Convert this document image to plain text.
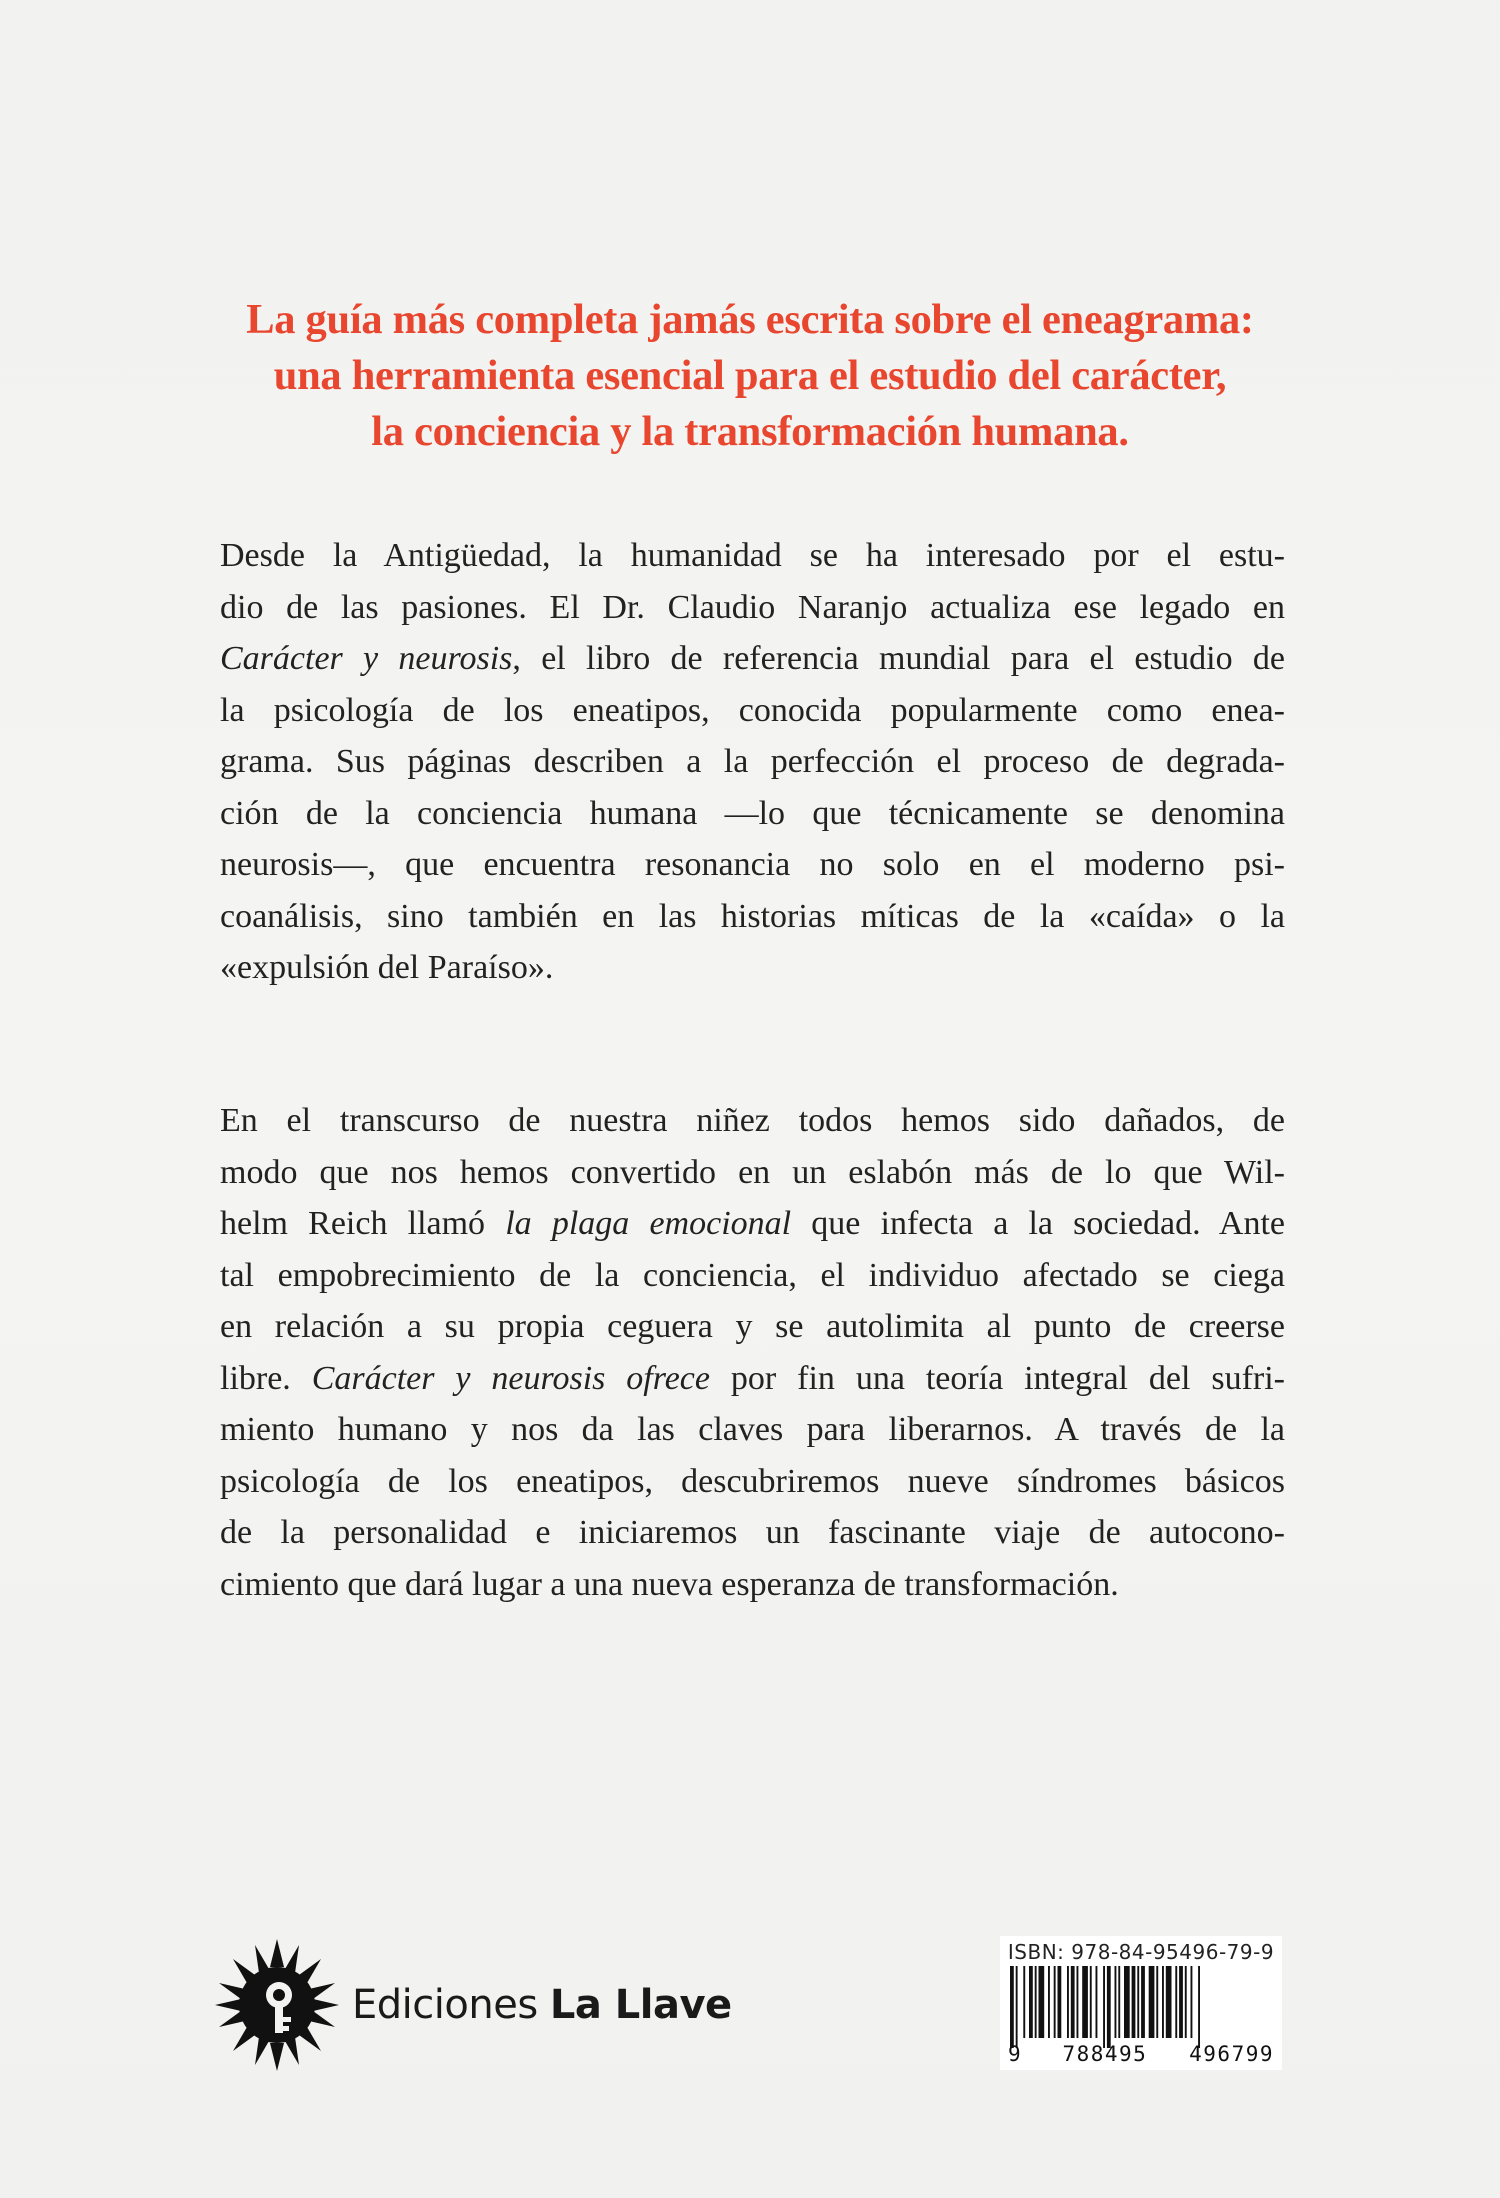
La guía más completa jamás escrita sobre el eneagrama:
una herramienta esencial para el estudio del carácter,
la conciencia y la transformación humana.
Desde la Antigüedad, la humanidad se ha interesado por el estu-
dio de las pasiones. El Dr. Claudio Naranjo actualiza ese legado en
Carácter y neurosis, el libro de referencia mundial para el estudio de
la psicología de los eneatipos, conocida popularmente como enea-
grama. Sus páginas describen a la perfección el proceso de degrada-
ción de la conciencia humana —lo que técnicamente se denomina
neurosis—, que encuentra resonancia no solo en el moderno psi-
coanálisis, sino también en las historias míticas de la «caída» o la
«expulsión del Paraíso».
En el transcurso de nuestra niñez todos hemos sido dañados, de
modo que nos hemos convertido en un eslabón más de lo que Wil-
helm Reich llamó la plaga emocional que infecta a la sociedad. Ante
tal empobrecimiento de la conciencia, el individuo afectado se ciega
en relación a su propia ceguera y se autolimita al punto de creerse
libre. Carácter y neurosis ofrece por fin una teoría integral del sufri-
miento humano y nos da las claves para liberarnos. A través de la
psicología de los eneatipos, descubriremos nueve síndromes básicos
de la personalidad e iniciaremos un fascinante viaje de autocono-
cimiento que dará lugar a una nueva esperanza de transformación.
Ediciones La Llave
ISBN: 978-84-95496-79-9
9 788495 496799
